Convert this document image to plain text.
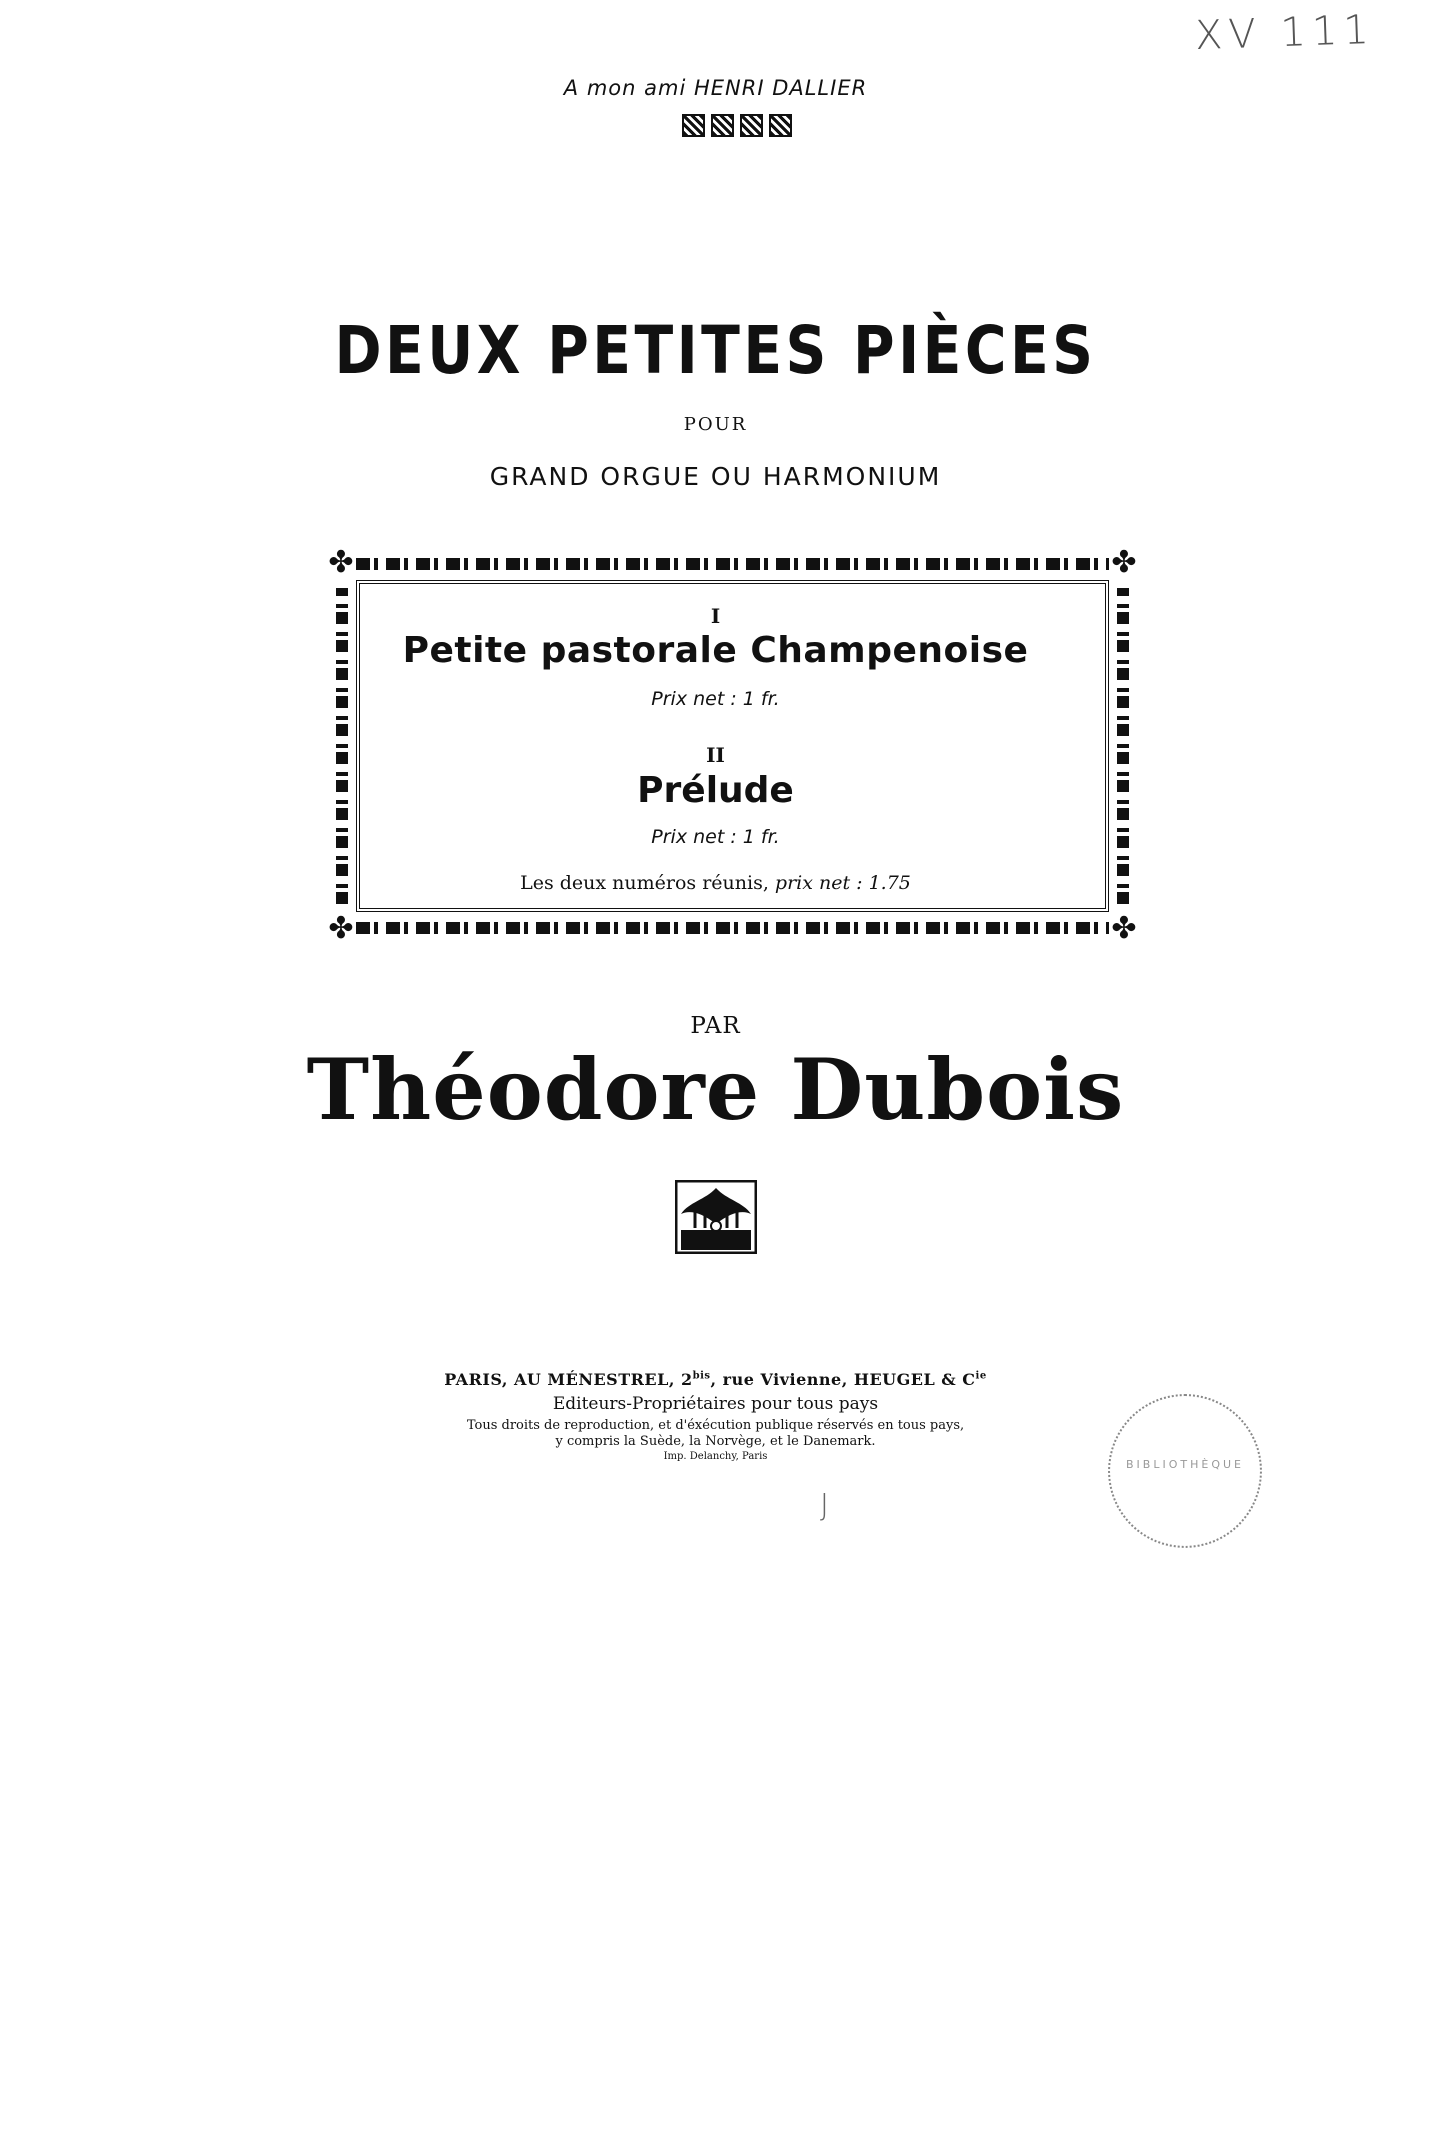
XV 111
A mon ami HENRI DALLIER
DEUX PETITES PIÈCES
POUR
GRAND ORGUE OU HARMONIUM
✤	✤
✤	✤
I
Petite pastorale Champenoise
Prix net : 1 fr.
II
Prélude
Prix net : 1 fr.
Les deux numéros réunis, prix net : 1.75
PAR
Théodore Dubois
PARIS, AU MÉNESTREL, $2^{bis}$, rue Vivienne, HEUGEL & $C^{ie}$
Editeurs-Propriétaires pour tous pays
Tous droits de reproduction, et d'éxécution publique réservés en tous pays,
y compris la Suède, la Norvège, et le Danemark.
Imp. Delanchy, Paris
BIBLIOTHÈQUE
J
